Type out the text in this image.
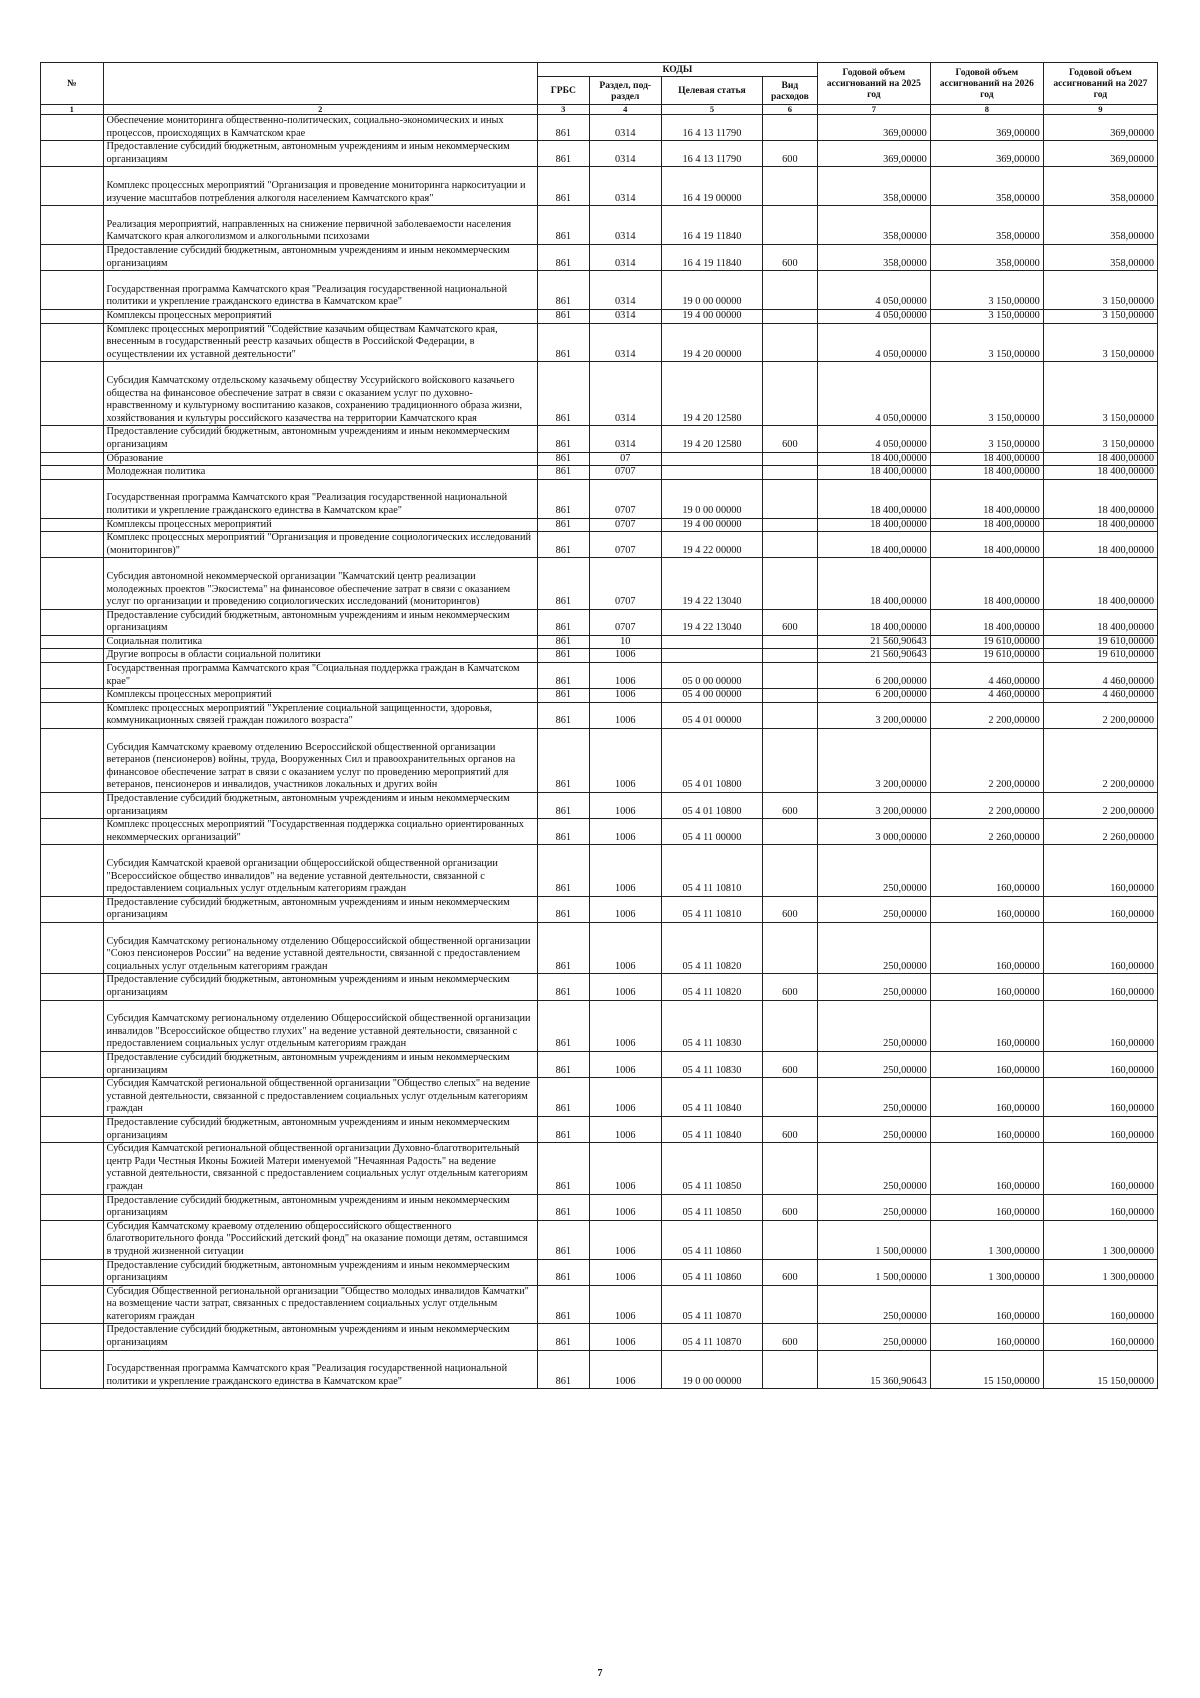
№		КОДЫ				Годовой объем ассигнований на 2025 год	Годовой объем ассигнований на 2026 год	Годовой объем ассигнований на 2027 год
		ГРБС	Раздел, под-раздел	Целевая статья	Вид расходов			
1	2	3	4	5	6	7	8	9
	Обеспечение мониторинга общественно-политических, социально-экономических и иных процессов, происходящих в Камчатском крае	861	0314	16 4 13 11790		369,00000	369,00000	369,00000
	Предоставление субсидий бюджетным, автономным учреждениям и иным некоммерческим организациям	861	0314	16 4 13 11790	600	369,00000	369,00000	369,00000
	Комплекс процессных мероприятий "Организация и проведение мониторинга наркоситуации и изучение масштабов потребления алкоголя населением Камчатского края"	861	0314	16 4 19 00000		358,00000	358,00000	358,00000
	Реализация мероприятий, направленных на снижение первичной заболеваемости населения Камчатского края алкоголизмом и алкогольными психозами	861	0314	16 4 19 11840		358,00000	358,00000	358,00000
	Предоставление субсидий бюджетным, автономным учреждениям и иным некоммерческим организациям	861	0314	16 4 19 11840	600	358,00000	358,00000	358,00000
	Государственная программа Камчатского края "Реализация государственной национальной политики и укрепление гражданского единства в Камчатском крае"	861	0314	19 0 00 00000		4 050,00000	3 150,00000	3 150,00000
	Комплексы процессных мероприятий	861	0314	19 4 00 00000		4 050,00000	3 150,00000	3 150,00000
	Комплекс процессных мероприятий "Содействие казачьим обществам Камчатского края, внесенным в государственный реестр казачьих обществ в Российской Федерации, в осуществлении их уставной деятельности"	861	0314	19 4 20 00000		4 050,00000	3 150,00000	3 150,00000
	Субсидия Камчатскому отдельскому казачьему обществу Уссурийского войскового казачьего общества на финансовое обеспечение затрат в связи с оказанием услуг по духовно-нравственному и культурному воспитанию казаков, сохранению традиционного образа жизни, хозяйствования и культуры российского казачества на территории Камчатского края	861	0314	19 4 20 12580		4 050,00000	3 150,00000	3 150,00000
	Предоставление субсидий бюджетным, автономным учреждениям и иным некоммерческим организациям	861	0314	19 4 20 12580	600	4 050,00000	3 150,00000	3 150,00000
	Образование	861	07			18 400,00000	18 400,00000	18 400,00000
	Молодежная политика	861	0707			18 400,00000	18 400,00000	18 400,00000
	Государственная программа Камчатского края "Реализация государственной национальной политики и укрепление гражданского единства в Камчатском крае"	861	0707	19 0 00 00000		18 400,00000	18 400,00000	18 400,00000
	Комплексы процессных мероприятий	861	0707	19 4 00 00000		18 400,00000	18 400,00000	18 400,00000
	Комплекс процессных мероприятий "Организация и проведение социологических исследований (мониторингов)"	861	0707	19 4 22 00000		18 400,00000	18 400,00000	18 400,00000
	Субсидия автономной некоммерческой организации "Камчатский центр реализации молодежных проектов "Экосистема" на финансовое обеспечение затрат в связи с оказанием услуг по организации и проведению социологических исследований (мониторингов)	861	0707	19 4 22 13040		18 400,00000	18 400,00000	18 400,00000
	Предоставление субсидий бюджетным, автономным учреждениям и иным некоммерческим организациям	861	0707	19 4 22 13040	600	18 400,00000	18 400,00000	18 400,00000
	Социальная политика	861	10			21 560,90643	19 610,00000	19 610,00000
	Другие вопросы в области социальной политики	861	1006			21 560,90643	19 610,00000	19 610,00000
	Государственная программа Камчатского края "Социальная поддержка граждан в Камчатском крае"	861	1006	05 0 00 00000		6 200,00000	4 460,00000	4 460,00000
	Комплексы процессных мероприятий	861	1006	05 4 00 00000		6 200,00000	4 460,00000	4 460,00000
	Комплекс процессных мероприятий "Укрепление социальной защищенности, здоровья, коммуникационных связей граждан пожилого возраста"	861	1006	05 4 01 00000		3 200,00000	2 200,00000	2 200,00000
	Субсидия Камчатскому краевому отделению Всероссийской общественной организации ветеранов (пенсионеров) войны, труда, Вооруженных Сил и правоохранительных органов на финансовое обеспечение затрат в связи с оказанием услуг по проведению мероприятий для ветеранов, пенсионеров и инвалидов, участников локальных и других войн	861	1006	05 4 01 10800		3 200,00000	2 200,00000	2 200,00000
	Предоставление субсидий бюджетным, автономным учреждениям и иным некоммерческим организациям	861	1006	05 4 01 10800	600	3 200,00000	2 200,00000	2 200,00000
	Комплекс процессных мероприятий "Государственная поддержка социально ориентированных некоммерческих организаций"	861	1006	05 4 11 00000		3 000,00000	2 260,00000	2 260,00000
	Субсидия Камчатской краевой организации общероссийской общественной организации "Всероссийское общество инвалидов" на ведение уставной деятельности, связанной с предоставлением социальных услуг отдельным категориям граждан	861	1006	05 4 11 10810		250,00000	160,00000	160,00000
	Предоставление субсидий бюджетным, автономным учреждениям и иным некоммерческим организациям	861	1006	05 4 11 10810	600	250,00000	160,00000	160,00000
	Субсидия Камчатскому региональному отделению Общероссийской общественной организации "Союз пенсионеров России" на ведение уставной деятельности, связанной с предоставлением социальных услуг отдельным категориям граждан	861	1006	05 4 11 10820		250,00000	160,00000	160,00000
	Предоставление субсидий бюджетным, автономным учреждениям и иным некоммерческим организациям	861	1006	05 4 11 10820	600	250,00000	160,00000	160,00000
	Субсидия Камчатскому региональному отделению Общероссийской общественной организации инвалидов "Всероссийское общество глухих" на ведение уставной деятельности, связанной с предоставлением социальных услуг отдельным категориям граждан	861	1006	05 4 11 10830		250,00000	160,00000	160,00000
	Предоставление субсидий бюджетным, автономным учреждениям и иным некоммерческим организациям	861	1006	05 4 11 10830	600	250,00000	160,00000	160,00000
	Субсидия Камчатской региональной общественной организации "Общество слепых" на ведение уставной деятельности, связанной с предоставлением социальных услуг отдельным категориям граждан	861	1006	05 4 11 10840		250,00000	160,00000	160,00000
	Предоставление субсидий бюджетным, автономным учреждениям и иным некоммерческим организациям	861	1006	05 4 11 10840	600	250,00000	160,00000	160,00000
	Субсидия Камчатской региональной общественной организации Духовно-благотворительный центр Ради Честныя Иконы Божией Матери именуемой "Нечаянная Радость" на ведение уставной деятельности, связанной с предоставлением социальных услуг отдельным категориям граждан	861	1006	05 4 11 10850		250,00000	160,00000	160,00000
	Предоставление субсидий бюджетным, автономным учреждениям и иным некоммерческим организациям	861	1006	05 4 11 10850	600	250,00000	160,00000	160,00000
	Субсидия Камчатскому краевому отделению общероссийского общественного благотворительного фонда "Российский детский фонд" на оказание помощи детям, оставшимся в трудной жизненной ситуации	861	1006	05 4 11 10860		1 500,00000	1 300,00000	1 300,00000
	Предоставление субсидий бюджетным, автономным учреждениям и иным некоммерческим организациям	861	1006	05 4 11 10860	600	1 500,00000	1 300,00000	1 300,00000
	Субсидия Общественной региональной организации "Общество молодых инвалидов Камчатки" на возмещение части затрат, связанных с предоставлением социальных услуг отдельным категориям граждан	861	1006	05 4 11 10870		250,00000	160,00000	160,00000
	Предоставление субсидий бюджетным, автономным учреждениям и иным некоммерческим организациям	861	1006	05 4 11 10870	600	250,00000	160,00000	160,00000
	Государственная программа Камчатского края "Реализация государственной национальной политики и укрепление гражданского единства в Камчатском крае"	861	1006	19 0 00 00000		15 360,90643	15 150,00000	15 150,00000
7
